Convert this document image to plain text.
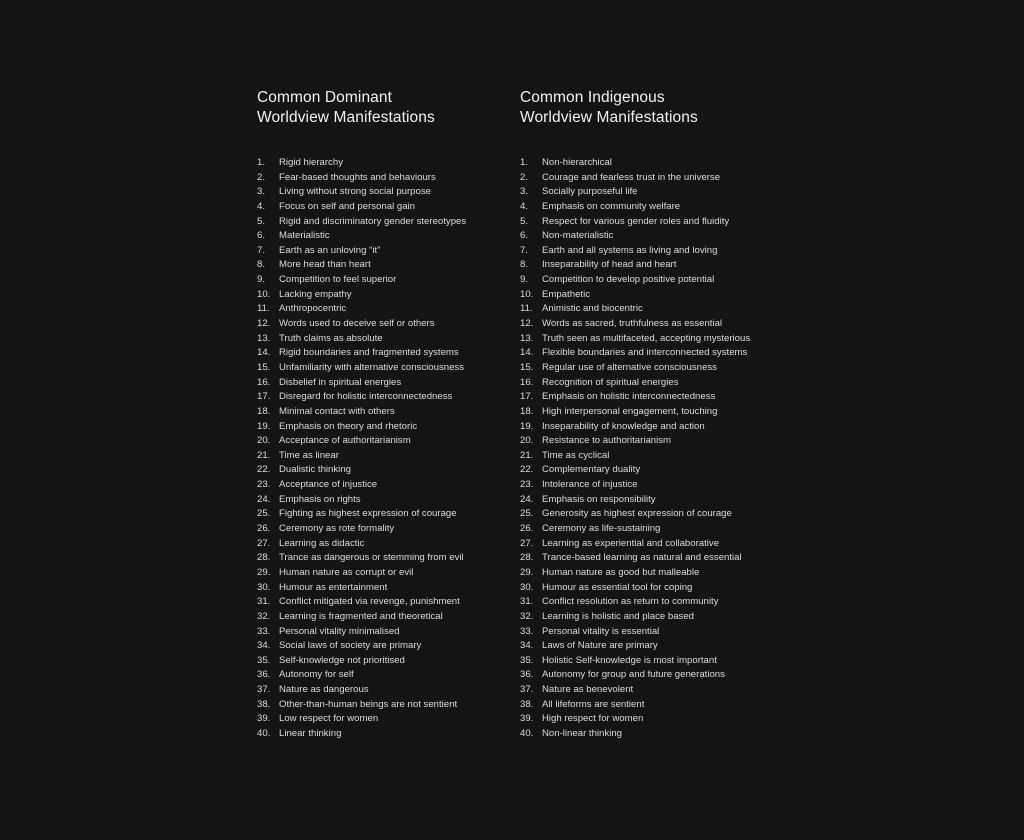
Common Dominant
Worldview Manifestations
1. Rigid hierarchy
2. Fear-based thoughts and behaviours
3. Living without strong social purpose
4. Focus on self and personal gain
5. Rigid and discriminatory gender stereotypes
6. Materialistic
7. Earth as an unloving “it”
8. More head than heart
9. Competition to feel superior
10. Lacking empathy
11. Anthropocentric
12. Words used to deceive self or others
13. Truth claims as absolute
14. Rigid boundaries and fragmented systems
15. Unfamiliarity with alternative consciousness
16. Disbelief in spiritual energies
17. Disregard for holistic interconnectedness
18. Minimal contact with others
19. Emphasis on theory and rhetoric
20. Acceptance of authoritarianism
21. Time as linear
22. Dualistic thinking
23. Acceptance of injustice
24. Emphasis on rights
25. Fighting as highest expression of courage
26. Ceremony as rote formality
27. Learning as didactic
28. Trance as dangerous or stemming from evil
29. Human nature as corrupt or evil
30. Humour as entertainment
31. Conflict mitigated via revenge, punishment
32. Learning is fragmented and theoretical
33. Personal vitality minimalised
34. Social laws of society are primary
35. Self-knowledge not prioritised
36. Autonomy for self
37. Nature as dangerous
38. Other-than-human beings are not sentient
39. Low respect for women
40. Linear thinking
Common Indigenous
Worldview Manifestations
1. Non-hierarchical
2. Courage and fearless trust in the universe
3. Socially purposeful life
4. Emphasis on community welfare
5. Respect for various gender roles and fluidity
6. Non-materialistic
7. Earth and all systems as living and loving
8. Inseparability of head and heart
9. Competition to develop positive potential
10. Empathetic
11. Animistic and biocentric
12. Words as sacred, truthfulness as essential
13. Truth seen as multifaceted, accepting mysterious
14. Flexible boundaries and interconnected systems
15. Regular use of alternative consciousness
16. Recognition of spiritual energies
17. Emphasis on holistic interconnectedness
18. High interpersonal engagement, touching
19. Inseparability of knowledge and action
20. Resistance to authoritarianism
21. Time as cyclical
22. Complementary duality
23. Intolerance of injustice
24. Emphasis on responsibility
25. Generosity as highest expression of courage
26. Ceremony as life-sustaining
27. Learning as experiential and collaborative
28. Trance-based learning as natural and essential
29. Human nature as good but malleable
30. Humour as essential tool for coping
31. Conflict resolution as return to community
32. Learning is holistic and place based
33. Personal vitality is essential
34. Laws of Nature are primary
35. Holistic Self-knowledge is most important
36. Autonomy for group and future generations
37. Nature as benevolent
38. All lifeforms are sentient
39. High respect for women
40. Non-linear thinking
